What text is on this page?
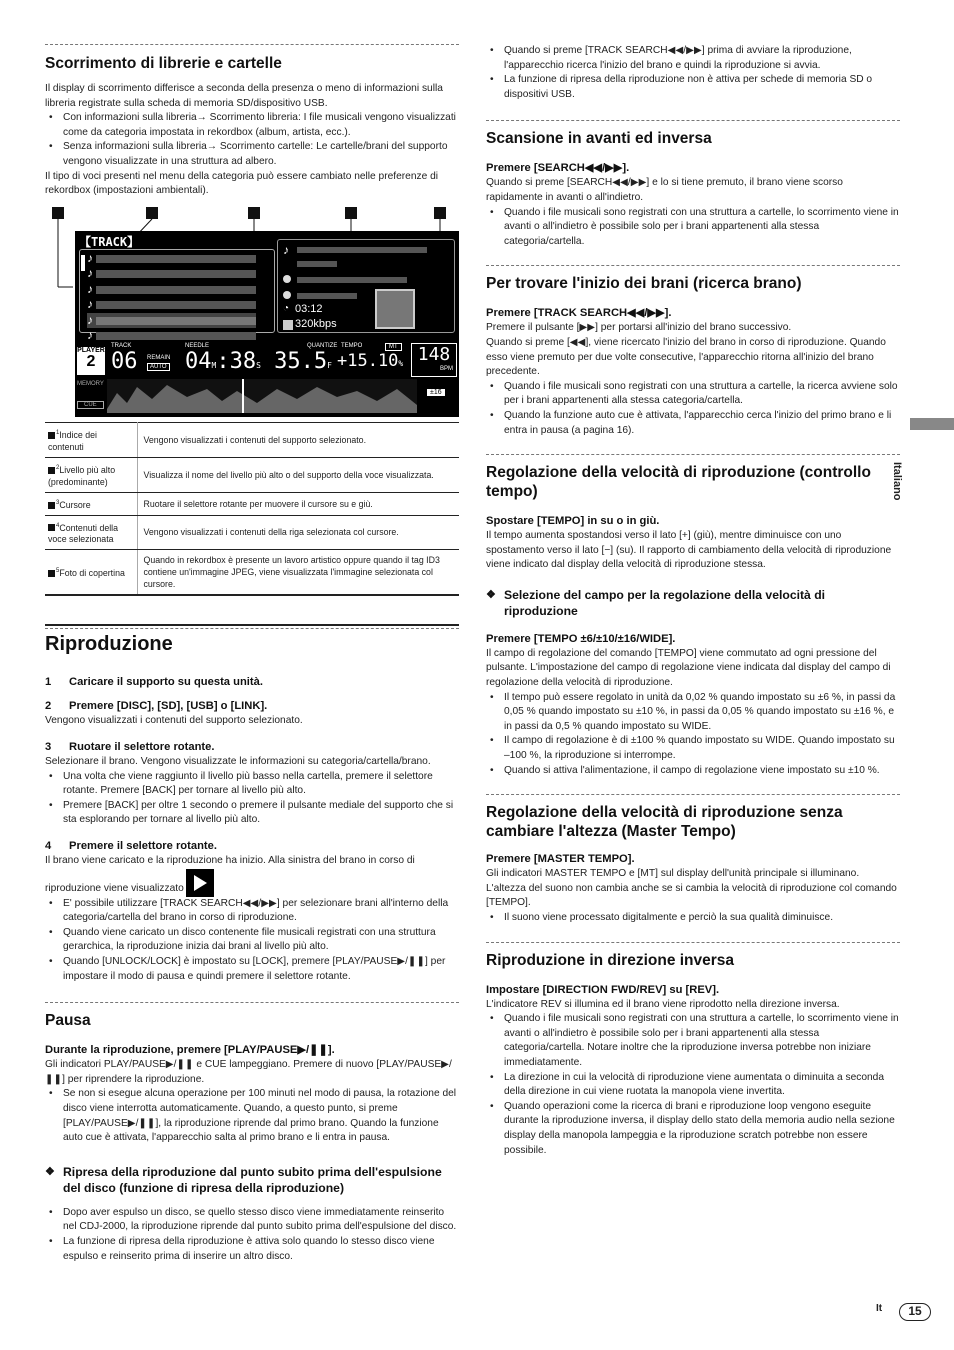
Scorrimento di librerie e cartelle

Il display di scorrimento differisce a seconda della presenza o meno di informazioni sulla libreria registrate sulla scheda di memoria SD/dispositivo USB.

• Con informazioni sulla libreria→ Scorrimento libreria: I file musicali vengono visualizzati come da categoria impostata in rekordbox (album, artista, ecc.).
• Senza informazioni sulla libreria→ Scorrimento cartelle: Le cartelle/brani del supporto vengono visualizzate in una struttura ad albero.

Il tipo di voci presenti nel menu della categoria può essere cambiato nelle preferenze di rekordbox (impostazioni ambientali).

【TRACK】
♪
♪
♪
♪
♪
♪
♪
◔ 03:12
320kbps
PLAYER
2
TRACK
06 REMAIN
AUTO
NEEDLE
04M:38S 35.5F
QUANTIZE TEMPO	MT
+15.10% 148
BPM
MEMORY
CUE
±16
$^1$Indice dei contenuti	Vengono visualizzati i contenuti del supporto selezionato.
$^2$Livello più alto (predominante)	Visualizza il nome del livello più alto o del supporto della voce visualizzata.
$^3$Cursore	Ruotare il selettore rotante per muovere il cursore su e giù.
$^4$Contenuti della voce selezionata	Vengono visualizzati i contenuti della riga selezionata col cursore.
$^5$Foto di copertina	Quando in rekordbox è presente un lavoro artistico oppure quando il tag ID3 contiene un'immagine JPEG, viene visualizzata l'immagine selezionata col cursore.
Riproduzione
1 Caricare il supporto su questa unità.
2 Premere [DISC], [SD], [USB] o [LINK].

Vengono visualizzati i contenuti del supporto selezionato.

3 Ruotare il selettore rotante.

Selezionare il brano. Vengono visualizzate le informazioni su categoria/cartella/brano.

• Una volta che viene raggiunto il livello più basso nella cartella, premere il selettore rotante. Premere [BACK] per tornare al livello più alto.
• Premere [BACK] per oltre 1 secondo o premere il pulsante mediale del supporto che si sta esplorando per tornare al livello più alto.
4 Premere il selettore rotante.

Il brano viene caricato e la riproduzione ha inizio. Alla sinistra del brano in corso di riproduzione viene visualizzato

• E' possibile utilizzare [TRACK SEARCH◀◀/▶▶] per selezionare brani all'interno della categoria/cartella del brano in corso di riproduzione.
• Quando viene caricato un disco contenente file musicali registrati con una struttura gerarchica, la riproduzione inizia dai brani al livello più alto.
• Quando [UNLOCK/LOCK] è impostato su [LOCK], premere [PLAY/PAUSE▶/❚❚] per impostare il modo di pausa e quindi premere il selettore rotante.
Pausa
Durante la riproduzione, premere [PLAY/PAUSE▶/❚❚].

Gli indicatori PLAY/PAUSE▶/❚❚ e CUE lampeggiano. Premere di nuovo [PLAY/PAUSE▶/❚❚] per riprendere la riproduzione.

• Se non si esegue alcuna operazione per 100 minuti nel modo di pausa, la rotazione del disco viene interrotta automaticamente. Quando, a questo punto, si preme [PLAY/PAUSE▶/❚❚], la riproduzione riprende dal primo brano. Quando la funzione auto cue è attivata, l'apparecchio salta al primo brano e li entra in pausa.
❖ Ripresa della riproduzione dal punto subito prima dell'espulsione del disco (funzione di ripresa della riproduzione)
• Dopo aver espulso un disco, se quello stesso disco viene immediatamente reinserito nel CDJ-2000, la riproduzione riprende dal punto subito prima dell'espulsione del disco.
• La funzione di ripresa della riproduzione è attiva solo quando lo stesso disco viene espulso e reinserito prima di inserire un altro disco.
• Quando si preme [TRACK SEARCH◀◀/▶▶] prima di avviare la riproduzione, l'apparecchio ricerca l'inizio del brano e quindi la riproduzione si avvia.
• La funzione di ripresa della riproduzione non è attiva per schede di memoria SD o dispositivi USB.
Scansione in avanti ed inversa
Premere [SEARCH◀◀/▶▶].

Quando si preme [SEARCH◀◀/▶▶] e lo si tiene premuto, il brano viene scorso rapidamente in avanti o all'indietro.

• Quando i file musicali sono registrati con una struttura a cartelle, lo scorrimento viene in avanti o all'indietro è possibile solo per i brani appartenenti alla stessa categoria/cartella.
Per trovare l'inizio dei brani (ricerca brano)
Premere [TRACK SEARCH◀◀/▶▶].

Premere il pulsante [▶▶] per portarsi all'inizio del brano successivo.

Quando si preme [◀◀], viene ricercato l'inizio del brano in corso di riproduzione. Quando esso viene premuto per due volte consecutive, l'apparecchio ritorna all'inizio del brano precedente.

• Quando i file musicali sono registrati con una struttura a cartelle, la ricerca avviene solo per i brani appartenenti alla stessa categoria/cartella.
• Quando la funzione auto cue è attivata, l'apparecchio cerca l'inizio del primo brano e li entra in pausa (a pagina 16).
Regolazione della velocità di riproduzione (controllo tempo)
Spostare [TEMPO] in su o in giù.

Il tempo aumenta spostandosi verso il lato [+] (giù), mentre diminuisce con uno spostamento verso il lato [−] (su). Il rapporto di cambiamento della velocità di riproduzione viene indicato dal display della velocità di riproduzione stessa.

❖ Selezione del campo per la regolazione della velocità di riproduzione
Premere [TEMPO ±6/±10/±16/WIDE].

Il campo di regolazione del comando [TEMPO] viene commutato ad ogni pressione del pulsante. L'impostazione del campo di regolazione viene indicata dal display del campo di regolazione della velocità di riproduzione.

• Il tempo può essere regolato in unità da 0,02 % quando impostato su ±6 %, in passi da 0,05 % quando impostato su ±10 %, in passi da 0,05 % quando impostato su ±16 %, e in passi da 0,5 % quando impostato su WIDE.
• Il campo di regolazione è di ±100 % quando impostato su WIDE. Quando impostato su –100 %, la riproduzione si interrompe.
• Quando si attiva l'alimentazione, il campo di regolazione viene impostato su ±10 %.
Regolazione della velocità di riproduzione senza cambiare l'altezza (Master Tempo)
Premere [MASTER TEMPO].

Gli indicatori MASTER TEMPO e [MT] sul display dell'unità principale si illuminano. L'altezza del suono non cambia anche se si cambia la velocità di riproduzione col comando [TEMPO].

• Il suono viene processato digitalmente e perciò la sua qualità diminuisce.
Riproduzione in direzione inversa
Impostare [DIRECTION FWD/REV] su [REV].

L'indicatore REV si illumina ed il brano viene riprodotto nella direzione inversa.

• Quando i file musicali sono registrati con una struttura a cartelle, lo scorrimento viene in avanti o all'indietro è possibile solo per i brani appartenenti alla stessa categoria/cartella. Notare inoltre che la riproduzione inversa potrebbe non iniziare immediatamente.
• La direzione in cui la velocità di riproduzione viene aumentata o diminuita a seconda della direzione in cui viene ruotata la manopola viene invertita.
• Quando operazioni come la ricerca di brani e riproduzione loop vengono eseguite durante la riproduzione inversa, il display dello stato della memoria audio nella sezione display della manopola lampeggia e la riproduzione scratch potrebbe non essere possibile.
Italiano
It	15
